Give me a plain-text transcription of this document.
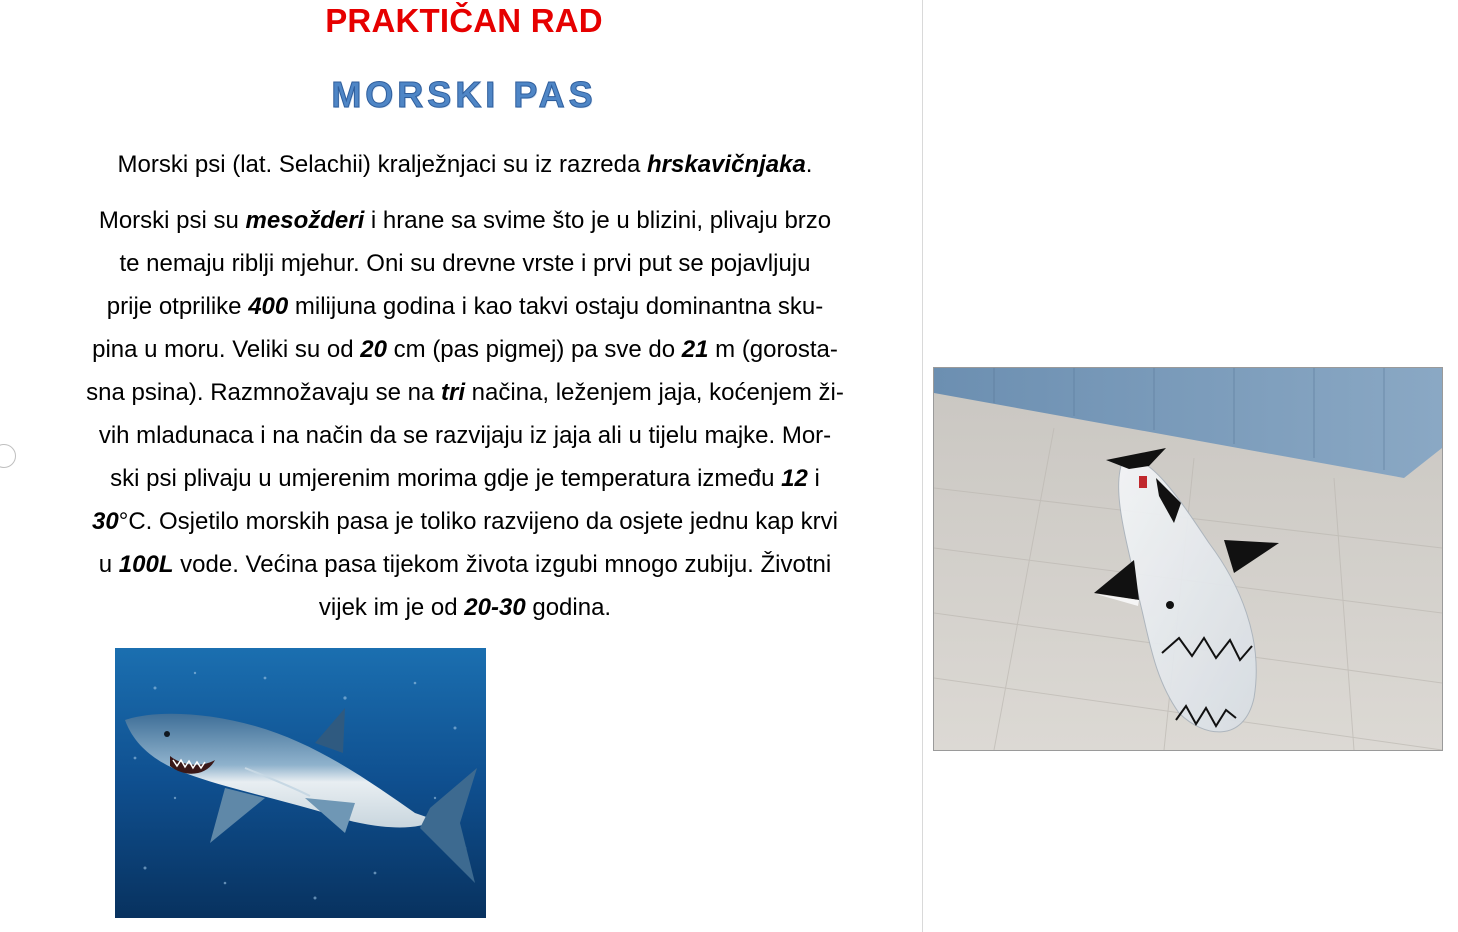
PRAKTIČAN RAD
MORSKI PAS
Morski psi (lat. Selachii) kralježnjaci su iz razreda hrskavičnjaka.
Morski psi su mesožderi i hrane sa svime što je u blizini, plivaju brzo
te nemaju riblji mjehur. Oni su drevne vrste i prvi put se pojavljuju
prije otprilike 400 milijuna godina i kao takvi ostaju dominantna sku-
pina u moru. Veliki su od 20 cm (pas pigmej) pa sve do 21 m (gorosta-
sna psina). Razmnožavaju se na tri načina, leženjem jaja, koćenjem ži-
vih mladunaca i na način da se razvijaju iz jaja ali u tijelu majke. Mor-
ski psi plivaju u umjerenim morima gdje je temperatura između 12 i
30°C. Osjetilo morskih pasa je toliko razvijeno da osjete jednu kap krvi
u 100L vode. Većina pasa tijekom života izgubi mnogo zubiju. Životni
vijek im je od 20-30 godina.
